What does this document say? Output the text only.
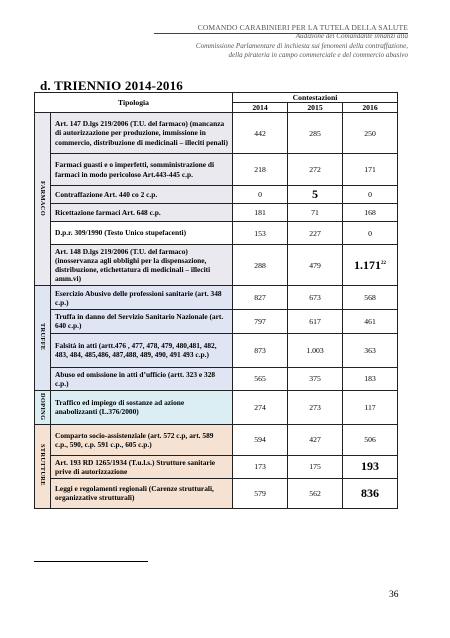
COMANDO CARABINIERI PER LA TUTELA DELLA SALUTE
Audizione del Comandante innanzi alla
Commissione Parlamentare di inchiesta sui fenomeni della contraffazione,
della pirateria in campo commerciale e del commercio abusivo
d. TRIENNIO 2014-2016
Tipologia		Contestazioni		
		2014	2015	2016
FARMACO	Art. 147 D.lgs 219/2006 (T.U. del farmaco) (mancanza di autorizzazione per produzione, immissione in commercio, distribuzione di medicinali – illeciti penali)	442	285	250
	Farmaci guasti e o imperfetti, somministrazione di farmaci in modo pericoloso Art.443-445 c.p.	218	272	171
	Contraffazione Art. 440 co 2 c.p.	0	5	0
	Ricettazione farmaci Art. 648 c.p.	181	71	168
	D.p.r. 309/1990 (Testo Unico stupefacenti)	153	227	0
	Art. 148 D.lgs 219/2006 (T.U. del farmaco) (inosservanza agli obblighi per la dispensazione, distribuzione, etichettatura di medicinali – illeciti amm.vi)	288	479	1.171$^{22}$
TRUFFE	Esercizio Abusivo delle professioni sanitarie (art. 348 c.p.)	827	673	568
	Truffa in danno del Servizio Sanitario Nazionale (art. 640 c.p.)	797	617	461
	Falsità in atti (artt.476 , 477, 478, 479, 480,481, 482, 483, 484, 485,486, 487,488, 489, 490, 491 493 c.p.)	873	1.003	363
	Abuso ed omissione in atti d’ufficio (artt. 323 e 328 c.p.)	565	375	183
DOPING	Traffico ed impiego di sostanze ad azione anabolizzanti (L.376/2000)	274	273	117
STRUTTURE	Comparto socio-assistenziale (art. 572 c.p, art. 589 c.p., 590, c.p. 591 c.p., 605 c.p.)	594	427	506
	Art. 193 RD 1265/1934 (T.u.l.s.) Strutture sanitarie prive di autorizzazione	173	175	193
	Leggi e regolamenti regionali (Carenze strutturali, organizzative strutturali)	579	562	836
36
